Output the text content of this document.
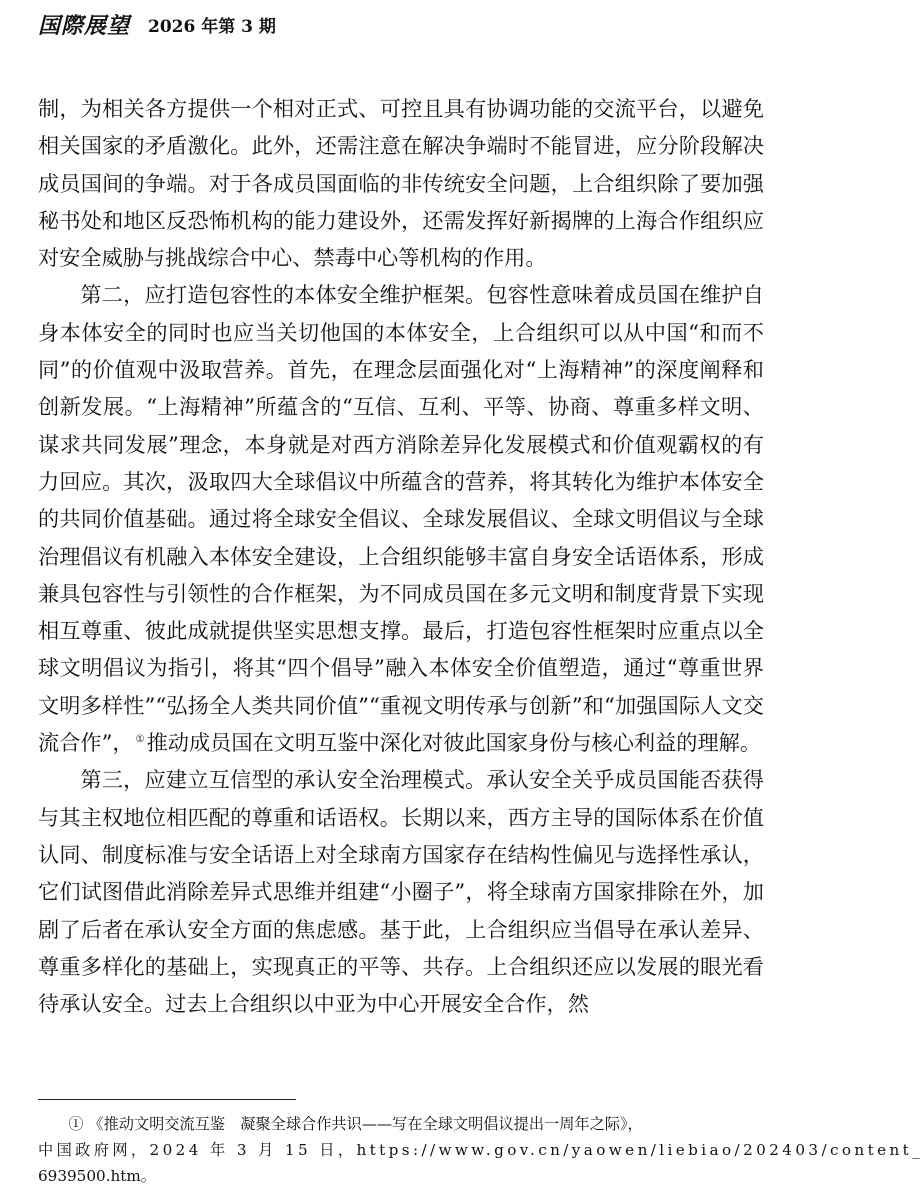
国際展望 2026 年第 3 期

制，为相关各方提供一个相对正式、可控且具有协调功能的交流平台，以避免相关国家的矛盾激化。此外，还需注意在解决争端时不能冒进，应分阶段解决成员国间的争端。对于各成员国面临的非传统安全问题，上合组织除了要加强秘书处和地区反恐怖机构的能力建设外，还需发挥好新揭牌的上海合作组织应对安全威胁与挑战综合中心、禁毒中心等机构的作用。

第二，应打造包容性的本体安全维护框架。包容性意味着成员国在维护自身本体安全的同时也应当关切他国的本体安全，上合组织可以从中国“和而不同”的价值观中汲取营养。首先，在理念层面强化对“上海精神”的深度阐释和创新发展。“上海精神”所蕴含的“互信、互利、平等、协商、尊重多样文明、谋求共同发展”理念，本身就是对西方消除差异化发展模式和价值观霸权的有力回应。其次，汲取四大全球倡议中所蕴含的营养，将其转化为维护本体安全的共同价值基础。通过将全球安全倡议、全球发展倡议、全球文明倡议与全球治理倡议有机融入本体安全建设，上合组织能够丰富自身安全话语体系，形成兼具包容性与引领性的合作框架，为不同成员国在多元文明和制度背景下实现相互尊重、彼此成就提供坚实思想支撑。最后，打造包容性框架时应重点以全球文明倡议为指引，将其“四个倡导”融入本体安全价值塑造，通过“尊重世界文明多样性”“弘扬全人类共同价值”“重视文明传承与创新”和“加强国际人文交流合作”， ①推动成员国在文明互鉴中深化对彼此国家身份与核心利益的理解。

第三，应建立互信型的承认安全治理模式。承认安全关乎成员国能否获得与其主权地位相匹配的尊重和话语权。长期以来，西方主导的国际体系在价值认同、制度标准与安全话语上对全球南方国家存在结构性偏见与选择性承认，它们试图借此消除差异式思维并组建“小圈子”，将全球南方国家排除在外，加剧了后者在承认安全方面的焦虑感。基于此，上合组织应当倡导在承认差异、尊重多样化的基础上，实现真正的平等、共存。上合组织还应以发展的眼光看待承认安全。过去上合组织以中亚为中心开展安全合作，然

① 《推动文明交流互鉴　凝聚全球合作共识——写在全球文明倡议提出一周年之际》，
中国政府网，2024 年 3 月 15 日，https://www.gov.cn/yaowen/liebiao/202403/content_
6939500.htm。
